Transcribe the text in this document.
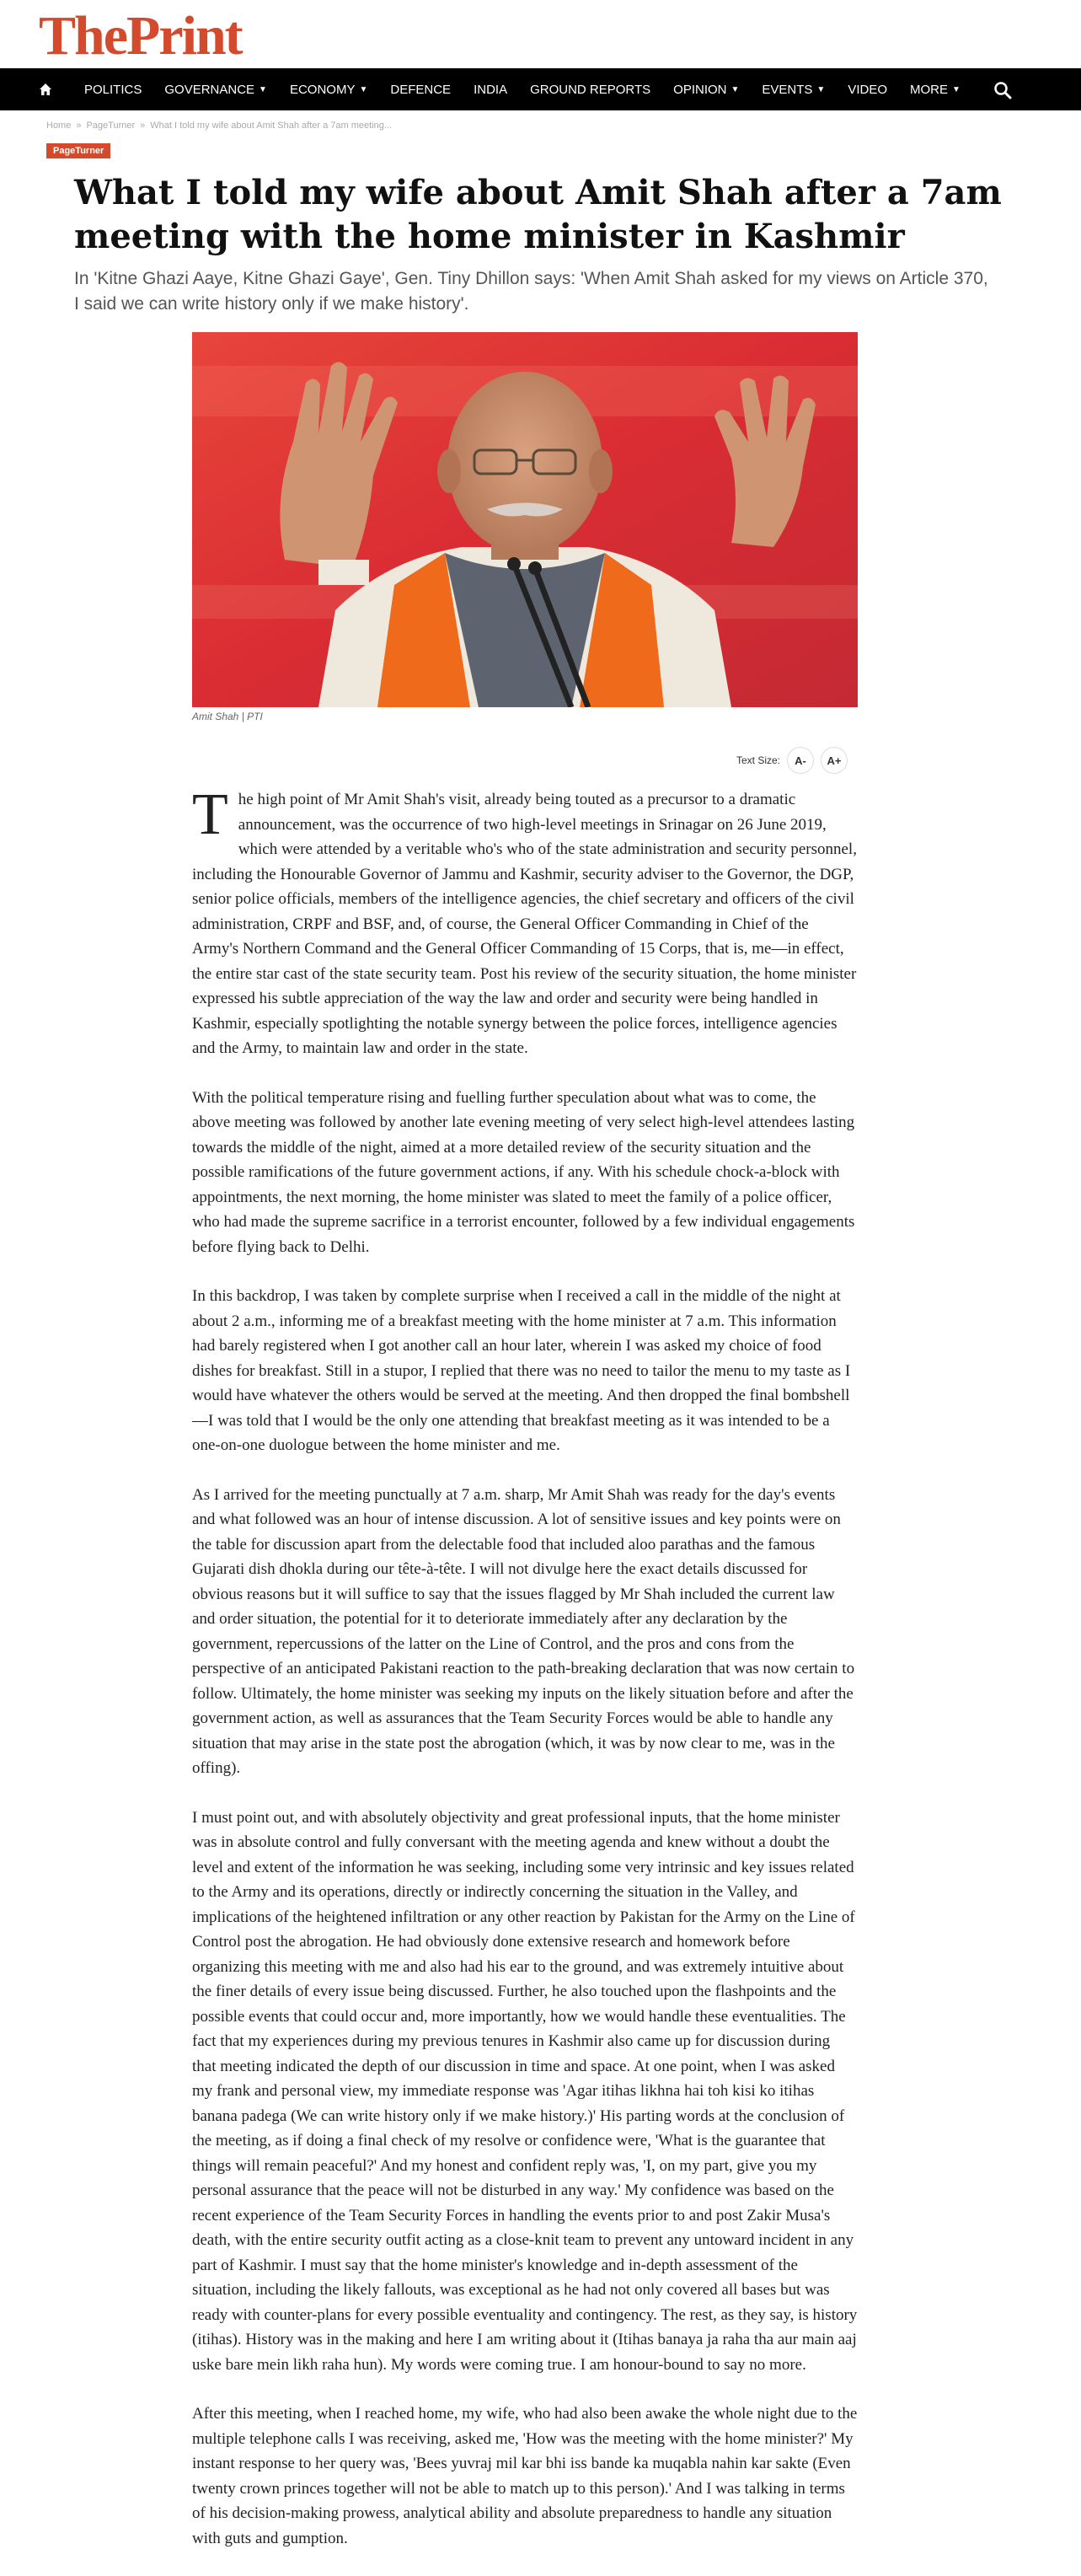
ThePrint
POLITICS GOVERNANCE ▼ ECONOMY ▼ DEFENCE INDIA GROUND REPORTS OPINION ▼ EVENTS ▼ VIDEO MORE ▼
Home » PageTurner » What I told my wife about Amit Shah after a 7am meeting...
PageTurner
What I told my wife about Amit Shah after a 7am meeting with the home minister in Kashmir

In 'Kitne Ghazi Aaye, Kitne Ghazi Gaye', Gen. Tiny Dhillon says: 'When Amit Shah asked for my views on Article 370, I said we can write history only if we make history'.

Amit Shah | PTI
Text Size:	A-	A+

The high point of Mr Amit Shah's visit, already being touted as a precursor to a dramatic announcement, was the occurrence of two high-level meetings in Srinagar on 26 June 2019, which were attended by a veritable who's who of the state administration and security personnel, including the Honourable Governor of Jammu and Kashmir, security adviser to the Governor, the DGP, senior police officials, members of the intelligence agencies, the chief secretary and officers of the civil administration, CRPF and BSF, and, of course, the General Officer Commanding in Chief of the Army's Northern Command and the General Officer Commanding of 15 Corps, that is, me—in effect, the entire star cast of the state security team. Post his review of the security situation, the home minister expressed his subtle appreciation of the way the law and order and security were being handled in Kashmir, especially spotlighting the notable synergy between the police forces, intelligence agencies and the Army, to maintain law and order in the state.

With the political temperature rising and fuelling further speculation about what was to come, the above meeting was followed by another late evening meeting of very select high-level attendees lasting towards the middle of the night, aimed at a more detailed review of the security situation and the possible ramifications of the future government actions, if any. With his schedule chock-a-block with appointments, the next morning, the home minister was slated to meet the family of a police officer, who had made the supreme sacrifice in a terrorist encounter, followed by a few individual engagements before flying back to Delhi.

In this backdrop, I was taken by complete surprise when I received a call in the middle of the night at about 2 a.m., informing me of a breakfast meeting with the home minister at 7 a.m. This information had barely registered when I got another call an hour later, wherein I was asked my choice of food dishes for breakfast. Still in a stupor, I replied that there was no need to tailor the menu to my taste as I would have whatever the others would be served at the meeting. And then dropped the final bombshell—I was told that I would be the only one attending that breakfast meeting as it was intended to be a one-on-one duologue between the home minister and me.

As I arrived for the meeting punctually at 7 a.m. sharp, Mr Amit Shah was ready for the day's events and what followed was an hour of intense discussion. A lot of sensitive issues and key points were on the table for discussion apart from the delectable food that included aloo parathas and the famous Gujarati dish dhokla during our tête-à-tête. I will not divulge here the exact details discussed for obvious reasons but it will suffice to say that the issues flagged by Mr Shah included the current law and order situation, the potential for it to deteriorate immediately after any declaration by the government, repercussions of the latter on the Line of Control, and the pros and cons from the perspective of an anticipated Pakistani reaction to the path-breaking declaration that was now certain to follow. Ultimately, the home minister was seeking my inputs on the likely situation before and after the government action, as well as assurances that the Team Security Forces would be able to handle any situation that may arise in the state post the abrogation (which, it was by now clear to me, was in the offing).

I must point out, and with absolutely objectivity and great professional inputs, that the home minister was in absolute control and fully conversant with the meeting agenda and knew without a doubt the level and extent of the information he was seeking, including some very intrinsic and key issues related to the Army and its operations, directly or indirectly concerning the situation in the Valley, and implications of the heightened infiltration or any other reaction by Pakistan for the Army on the Line of Control post the abrogation. He had obviously done extensive research and homework before organizing this meeting with me and also had his ear to the ground, and was extremely intuitive about the finer details of every issue being discussed. Further, he also touched upon the flashpoints and the possible events that could occur and, more importantly, how we would handle these eventualities. The fact that my experiences during my previous tenures in Kashmir also came up for discussion during that meeting indicated the depth of our discussion in time and space. At one point, when I was asked my frank and personal view, my immediate response was 'Agar itihas likhna hai toh kisi ko itihas banana padega (We can write history only if we make history.)' His parting words at the conclusion of the meeting, as if doing a final check of my resolve or confidence were, 'What is the guarantee that things will remain peaceful?' And my honest and confident reply was, 'I, on my part, give you my personal assurance that the peace will not be disturbed in any way.' My confidence was based on the recent experience of the Team Security Forces in handling the events prior to and post Zakir Musa's death, with the entire security outfit acting as a close-knit team to prevent any untoward incident in any part of Kashmir. I must say that the home minister's knowledge and in-depth assessment of the situation, including the likely fallouts, was exceptional as he had not only covered all bases but was ready with counter-plans for every possible eventuality and contingency. The rest, as they say, is history (itihas). History was in the making and here I am writing about it (Itihas banaya ja raha tha aur main aaj uske bare mein likh raha hun). My words were coming true. I am honour-bound to say no more.

After this meeting, when I reached home, my wife, who had also been awake the whole night due to the multiple telephone calls I was receiving, asked me, 'How was the meeting with the home minister?' My instant response to her query was, 'Bees yuvraj mil kar bhi iss bande ka muqabla nahin kar sakte (Even twenty crown princes together will not be able to match up to this person).' And I was talking in terms of his decision-making prowess, analytical ability and absolute preparedness to handle any situation with guts and gumption.
